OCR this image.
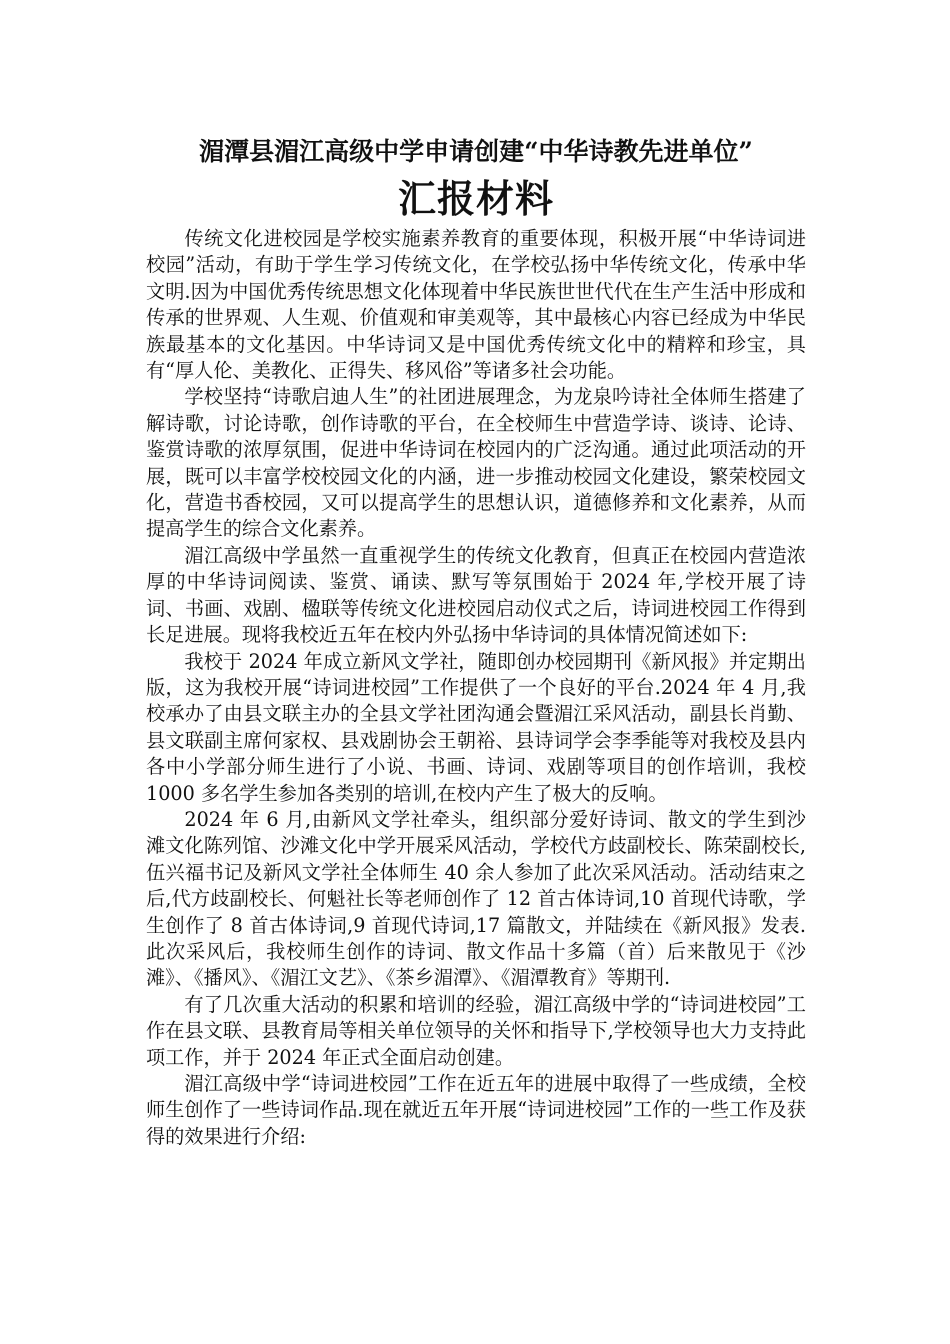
湄潭县湄江高级中学申请创建“中华诗教先进单位”
汇报材料

传统文化进校园是学校实施素养教育的重要体现，积极开展“中华诗词进校园”活动，有助于学生学习传统文化，在学校弘扬中华传统文化，传承中华文明.因为中国优秀传统思想文化体现着中华民族世世代代在生产生活中形成和传承的世界观、人生观、价值观和审美观等，其中最核心内容已经成为中华民族最基本的文化基因。中华诗词又是中国优秀传统文化中的精粹和珍宝，具有“厚人伦、美教化、正得失、移风俗”等诸多社会功能。

学校坚持“诗歌启迪人生”的社团进展理念，为龙泉吟诗社全体师生搭建了解诗歌，讨论诗歌，创作诗歌的平台，在全校师生中营造学诗、谈诗、论诗、鉴赏诗歌的浓厚氛围，促进中华诗词在校园内的广泛沟通。通过此项活动的开展，既可以丰富学校校园文化的内涵，进一步推动校园文化建设，繁荣校园文化，营造书香校园，又可以提高学生的思想认识，道德修养和文化素养，从而提高学生的综合文化素养。

湄江高级中学虽然一直重视学生的传统文化教育，但真正在校园内营造浓厚的中华诗词阅读、鉴赏、诵读、默写等氛围始于 2024 年,学校开展了诗词、书画、戏剧、楹联等传统文化进校园启动仪式之后，诗词进校园工作得到长足进展。现将我校近五年在校内外弘扬中华诗词的具体情况简述如下:

我校于 2024 年成立新风文学社，随即创办校园期刊《新风报》并定期出版，这为我校开展“诗词进校园”工作提供了一个良好的平台.2024 年 4 月,我校承办了由县文联主办的全县文学社团沟通会暨湄江采风活动，副县长肖勤、县文联副主席何家权、县戏剧协会王朝裕、县诗词学会李季能等对我校及县内各中小学部分师生进行了小说、书画、诗词、戏剧等项目的创作培训，我校 1000 多名学生参加各类别的培训,在校内产生了极大的反响。

2024 年 6 月,由新风文学社牵头，组织部分爱好诗词、散文的学生到沙滩文化陈列馆、沙滩文化中学开展采风活动，学校代方歧副校长、陈荣副校长,伍兴福书记及新风文学社全体师生 40 余人参加了此次采风活动。活动结束之后,代方歧副校长、何魁社长等老师创作了 12 首古体诗词,10 首现代诗歌，学生创作了 8 首古体诗词,9 首现代诗词,17 篇散文，并陆续在《新风报》发表.此次采风后，我校师生创作的诗词、散文作品十多篇（首）后来散见于《沙滩》、《播风》、《湄江文艺》、《茶乡湄潭》、《湄潭教育》等期刊.

有了几次重大活动的积累和培训的经验，湄江高级中学的“诗词进校园”工作在县文联、县教育局等相关单位领导的关怀和指导下,学校领导也大力支持此项工作，并于 2024 年正式全面启动创建。

湄江高级中学“诗词进校园”工作在近五年的进展中取得了一些成绩，全校师生创作了一些诗词作品.现在就近五年开展“诗词进校园”工作的一些工作及获得的效果进行介绍:
